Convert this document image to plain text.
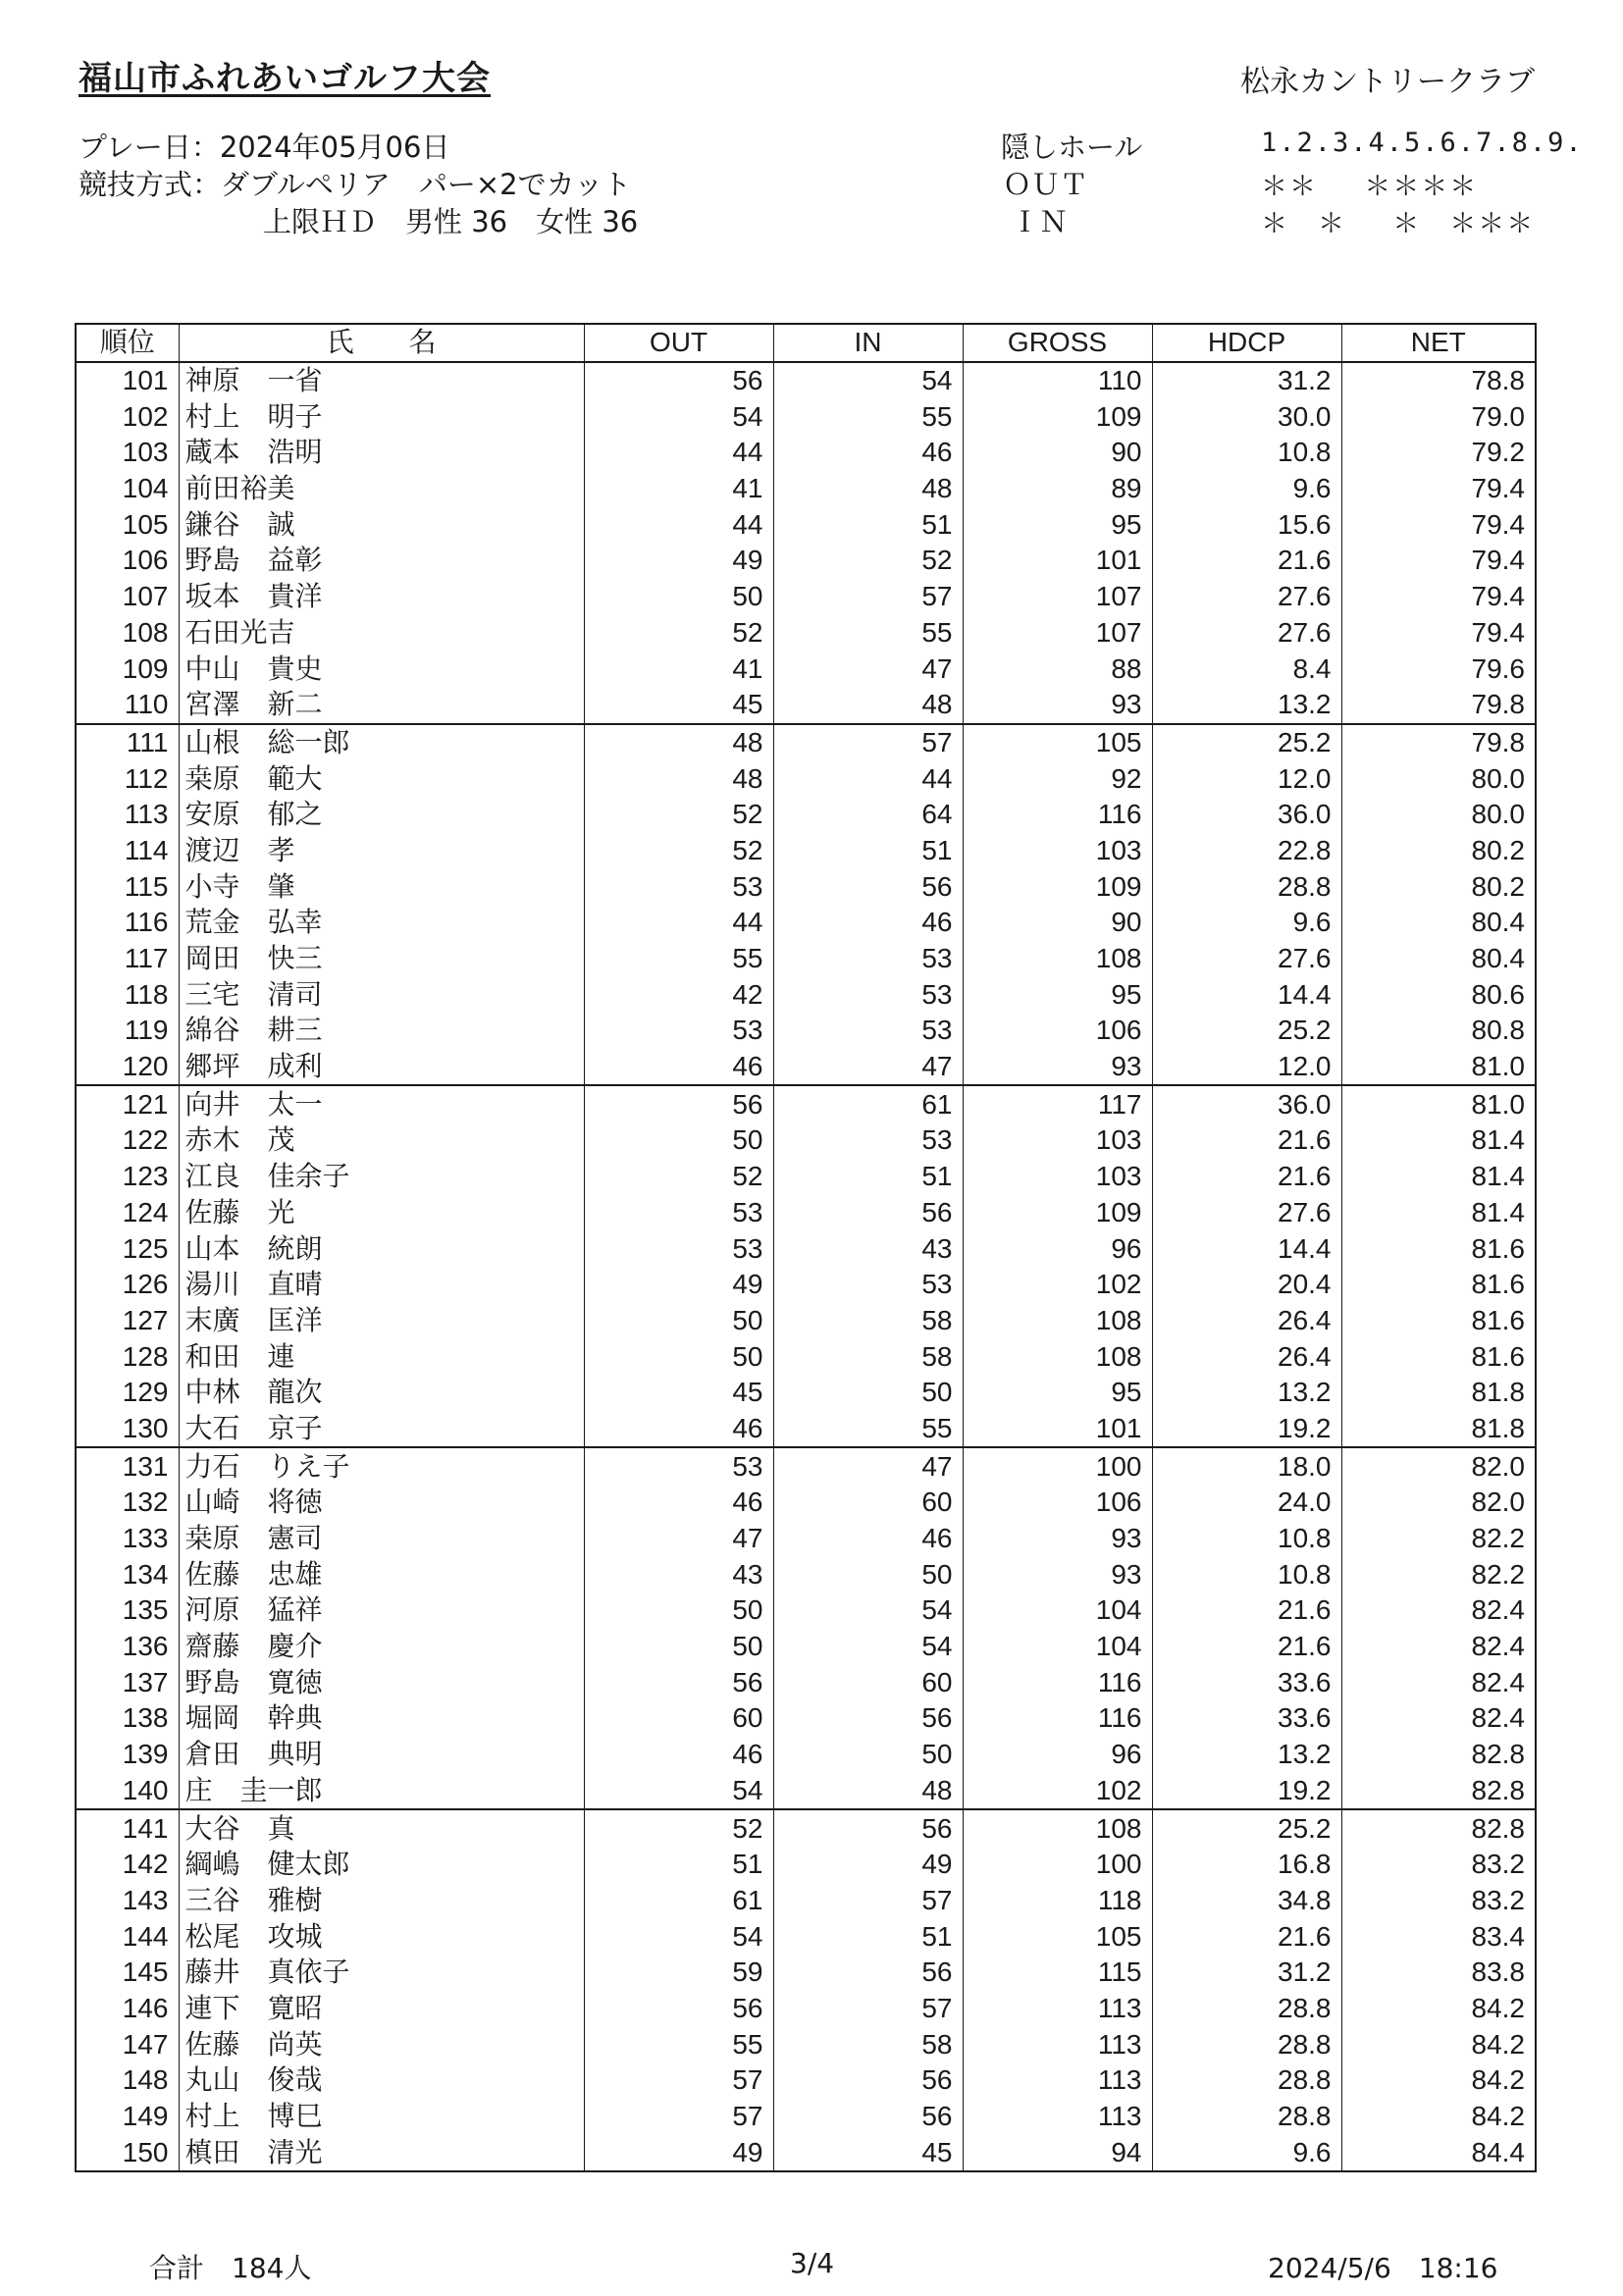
福山市ふれあいゴルフ大会	松永カントリークラブ
プレー日：2024年05月06日
競技方式：ダブルペリア　パー×2でカット
上限ＨＤ　男性 36　女性 36
隠しホール	1.2.3.4.5.6.7.8.9.
ＯＵＴ	＊＊　 ＊＊＊＊
ＩＮ	＊　＊　 ＊　＊＊＊
順位	氏　　名	OUT	IN	GROSS	HDCP	NET
101	神原　一省	56	54	110	31.2	78.8
102	村上　明子	54	55	109	30.0	79.0
103	蔵本　浩明	44	46	90	10.8	79.2
104	前田裕美	41	48	89	9.6	79.4
105	鎌谷　誠	44	51	95	15.6	79.4
106	野島　益彰	49	52	101	21.6	79.4
107	坂本　貴洋	50	57	107	27.6	79.4
108	石田光吉	52	55	107	27.6	79.4
109	中山　貴史	41	47	88	8.4	79.6
110	宮澤　新二	45	48	93	13.2	79.8
111	山根　総一郎	48	57	105	25.2	79.8
112	桒原　範大	48	44	92	12.0	80.0
113	安原　郁之	52	64	116	36.0	80.0
114	渡辺　孝	52	51	103	22.8	80.2
115	小寺　肇	53	56	109	28.8	80.2
116	荒金　弘幸	44	46	90	9.6	80.4
117	岡田　快三	55	53	108	27.6	80.4
118	三宅　清司	42	53	95	14.4	80.6
119	綿谷　耕三	53	53	106	25.2	80.8
120	郷坪　成利	46	47	93	12.0	81.0
121	向井　太一	56	61	117	36.0	81.0
122	赤木　茂	50	53	103	21.6	81.4
123	江良　佳余子	52	51	103	21.6	81.4
124	佐藤　光	53	56	109	27.6	81.4
125	山本　統朗	53	43	96	14.4	81.6
126	湯川　直晴	49	53	102	20.4	81.6
127	末廣　匡洋	50	58	108	26.4	81.6
128	和田　連	50	58	108	26.4	81.6
129	中林　龍次	45	50	95	13.2	81.8
130	大石　京子	46	55	101	19.2	81.8
131	力石　りえ子	53	47	100	18.0	82.0
132	山崎　将徳	46	60	106	24.0	82.0
133	桒原　憲司	47	46	93	10.8	82.2
134	佐藤　忠雄	43	50	93	10.8	82.2
135	河原　猛祥	50	54	104	21.6	82.4
136	齋藤　慶介	50	54	104	21.6	82.4
137	野島　寛徳	56	60	116	33.6	82.4
138	堀岡　幹典	60	56	116	33.6	82.4
139	倉田　典明	46	50	96	13.2	82.8
140	庄　圭一郎	54	48	102	19.2	82.8
141	大谷　真	52	56	108	25.2	82.8
142	綱嶋　健太郎	51	49	100	16.8	83.2
143	三谷　雅樹	61	57	118	34.8	83.2
144	松尾　攻城	54	51	105	21.6	83.4
145	藤井　真依子	59	56	115	31.2	83.8
146	連下　寛昭	56	57	113	28.8	84.2
147	佐藤　尚英	55	58	113	28.8	84.2
148	丸山　俊哉	57	56	113	28.8	84.2
149	村上　博巳	57	56	113	28.8	84.2
150	槙田　清光	49	45	94	9.6	84.4
合計　184人	3/4	2024/5/6　18:16
